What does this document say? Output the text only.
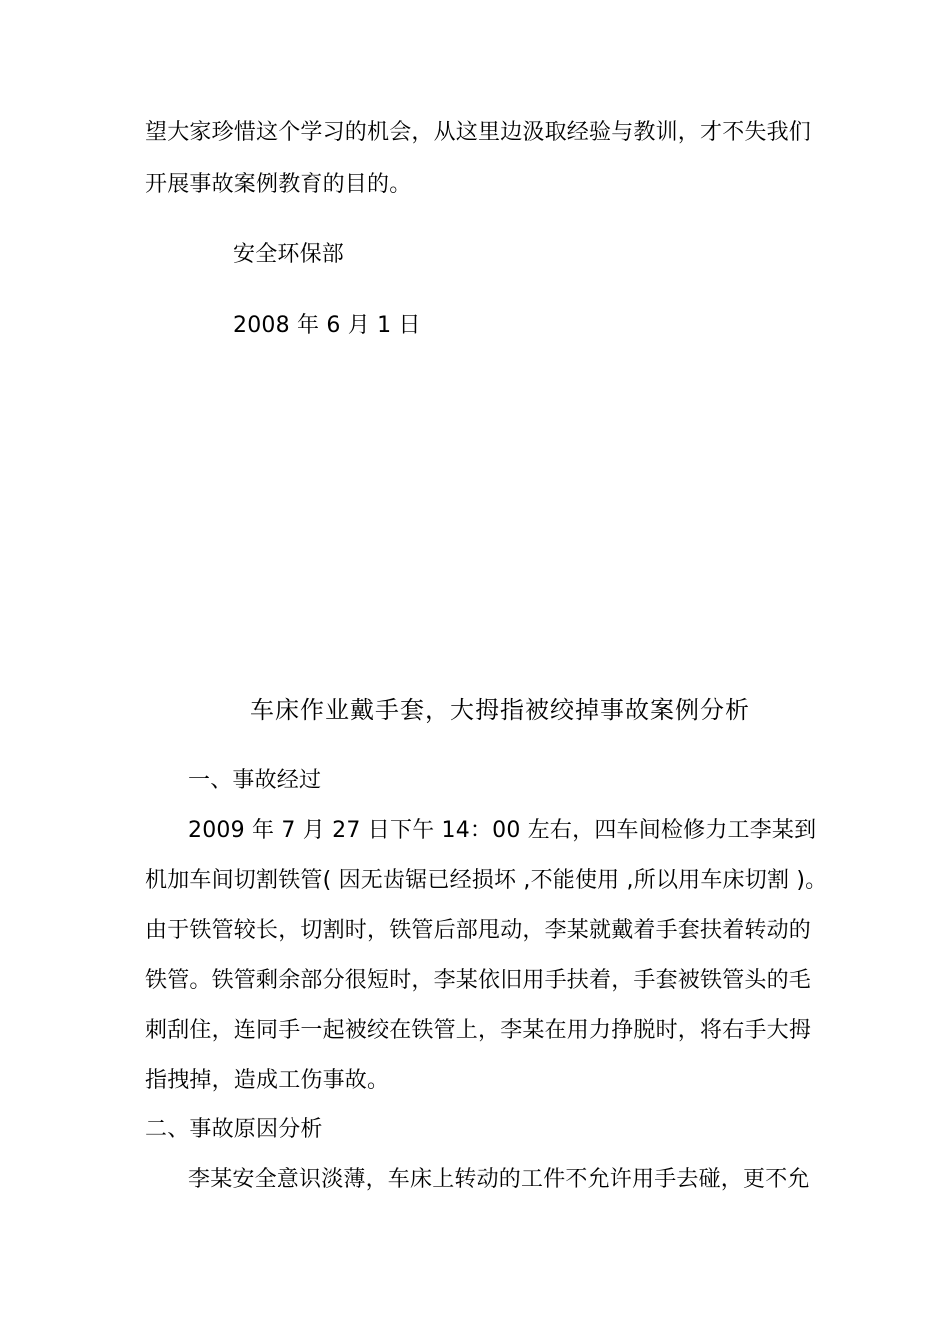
望大家珍惜这个学习的机会，从这里边汲取经验与教训，才不失我们
开展事故案例教育的目的。
安全环保部
2008 年 6 月 1 日
车床作业戴手套，大拇指被绞掉事故案例分析
一、事故经过
2009 年 7 月 27 日下午 14：00 左右，四车间检修力工李某到
机加车间切割铁管( 因无齿锯已经损坏 ,不能使用 ,所以用车床切割 )。
由于铁管较长，切割时，铁管后部甩动，李某就戴着手套扶着转动的
铁管。铁管剩余部分很短时，李某依旧用手扶着，手套被铁管头的毛
刺刮住，连同手一起被绞在铁管上，李某在用力挣脱时，将右手大拇
指拽掉，造成工伤事故。
二、事故原因分析
李某安全意识淡薄，车床上转动的工件不允许用手去碰，更不允
